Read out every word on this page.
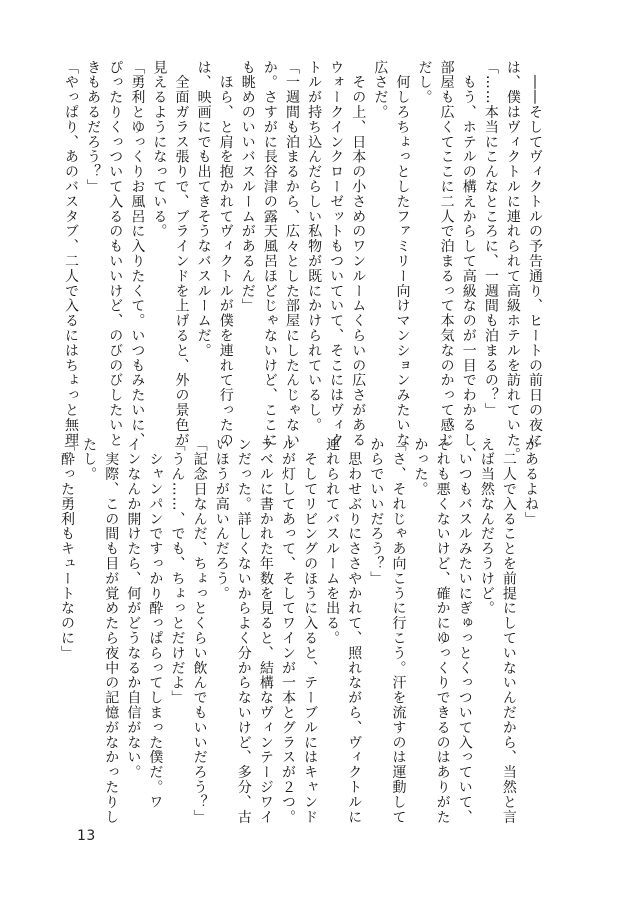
　――そしてヴィクトルの予告通り、ヒートの前日の夜に

は、僕はヴィクトルに連れられて高級ホテルを訪れていた。

「……本当にこんなところに、一週間も泊まるの？」

　もう、ホテルの構えからして高級なのが一目でわかるし、

部屋も広くてここに二人で泊まるって本気なのかって感じ

だし。

　何しろちょっとしたファミリー向けマンションみたいな

広さだ。

　その上、日本の小さめのワンルームくらいの広さがある

ウォークインクローゼットもついていて、そこにはヴィク

トルが持ち込んだらしい私物が既にかけられているし。

「一週間も泊まるから、広々とした部屋にしたんじゃない

か。さすがに長谷津の露天風呂ほどじゃないけど、ここに

も眺めのいいバスルームがあるんだ」

　ほら、と肩を抱かれてヴィクトルが僕を連れて行ったの

は、映画にでも出てきそうなバスルームだ。

　全面ガラス張りで、ブラインドを上げると、外の景色が

見えるようになっている。

「勇利とゆっくりお風呂に入りたくて。いつもみたいに、

ぴったりくっついて入るのもいいけど、のびのびしたいと

きもあるだろう？」

「やっぱり、あのバスタブ、二人で入るにはちょっと無理

があるよね」

　二人で入ることを前提にしていないんだから、当然と言

えば当然なんだろうけど。

　いつもバスルみたいにぎゅっとくっついて入っていて、

それも悪くないけど、確かにゆっくりできるのはありがた

かった。

「さ、それじゃあ向こうに行こう。汗を流すのは運動して

からでいいだろう？」

　思わせぶりにささやかれて、照れながら、ヴィクトルに

連れられてバスルームを出る。

　そしてリビングのほうに入ると、テーブルにはキャンド

ルが灯してあって、そしてワインが一本とグラスが２つ。

ラベルに書かれた年数を見ると、結構なヴィンテージワイ

ンだった。詳しくないからよく分からないけど、多分、古

いほうが高いんだろう。

「記念日なんだ、ちょっとくらい飲んでもいいだろう？」

「うん……、でも、ちょっとだけだよ」

　シャンパンですっかり酔っぱらってしまった僕だ。ワ

インなんか開けたら、何がどうなるか自信がない。

　実際、この間も目が覚めたら夜中の記憶がなかったりし

たし。

「酔った勇利もキュートなのに」

13
